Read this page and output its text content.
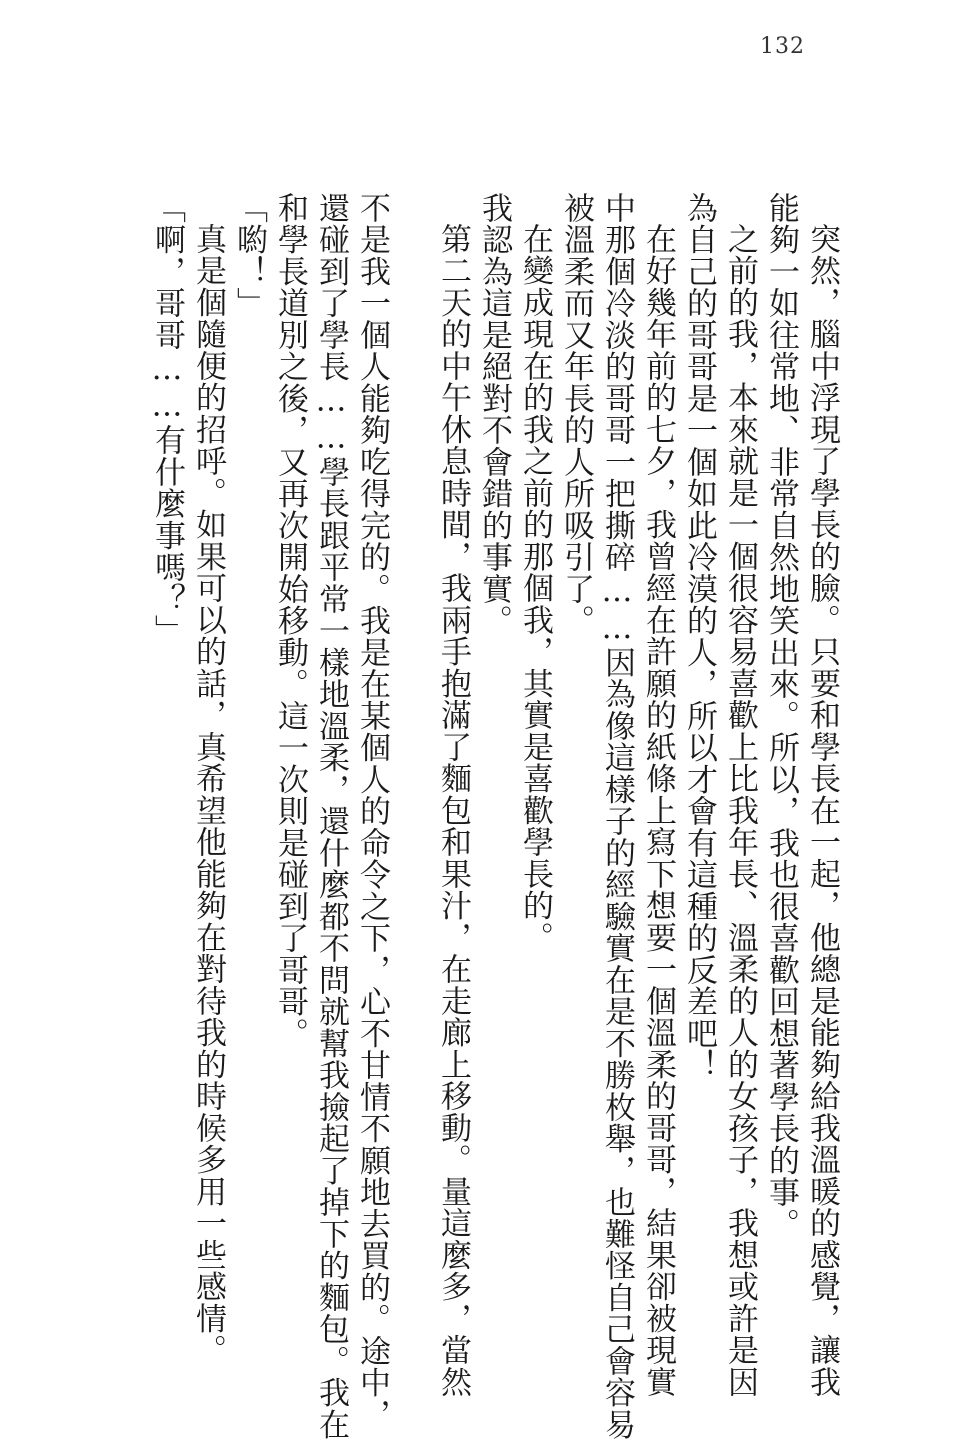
132
突然，腦中浮現了學長的臉。只要和學長在一起，他總是能夠給我溫暖的感覺，讓我
能夠一如往常地、非常自然地笑出來。所以，我也很喜歡回想著學長的事。
之前的我，本來就是一個很容易喜歡上比我年長、溫柔的人的女孩子，我想或許是因
為自己的哥哥是一個如此冷漠的人，所以才會有這種的反差吧！
在好幾年前的七夕，我曾經在許願的紙條上寫下想要一個溫柔的哥哥，結果卻被現實
中那個冷淡的哥哥一把撕碎……因為像這樣子的經驗實在是不勝枚舉，也難怪自己會容易
被溫柔而又年長的人所吸引了。
在變成現在的我之前的那個我，其實是喜歡學長的。
我認為這是絕對不會錯的事實。
第二天的中午休息時間，我兩手抱滿了麵包和果汁，在走廊上移動。量這麼多，當然
不是我一個人能夠吃得完的。我是在某個人的命令之下，心不甘情不願地去買的。途中，
還碰到了學長……學長跟平常一樣地溫柔，還什麼都不問就幫我撿起了掉下的麵包。我在
和學長道別之後，又再次開始移動。這一次則是碰到了哥哥。
「喲！」
真是個隨便的招呼。如果可以的話，真希望他能夠在對待我的時候多用一些感情。
「啊，哥哥……有什麼事嗎？」
